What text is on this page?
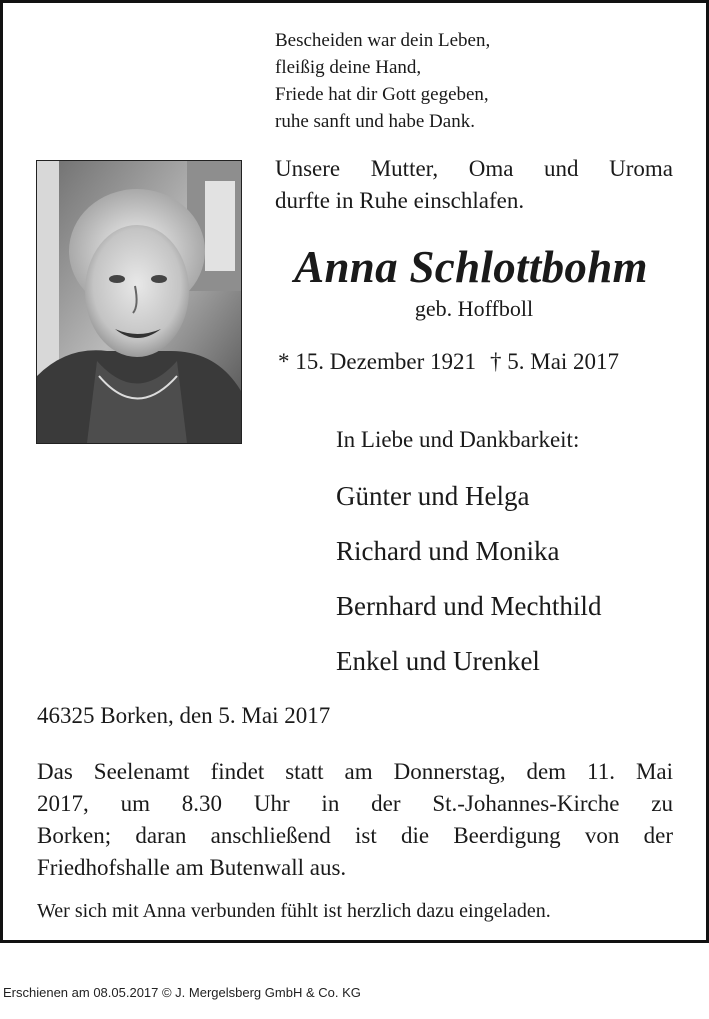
Bescheiden war dein Leben,
fleißig deine Hand,
Friede hat dir Gott gegeben,
ruhe sanft und habe Dank.
Unsere Mutter, Oma und Uroma
durfte in Ruhe einschlafen.
Anna Schlottbohm
geb. Hoffboll
* 15. Dezember 1921 † 5. Mai 2017
In Liebe und Dankbarkeit:
Günter und Helga
Richard und Monika
Bernhard und Mechthild
Enkel und Urenkel
46325 Borken, den 5. Mai 2017
Das Seelenamt findet statt am Donnerstag, dem 11. Mai
2017, um 8.30 Uhr in der St.-Johannes-Kirche zu
Borken; daran anschließend ist die Beerdigung von der
Friedhofshalle am Butenwall aus.
Wer sich mit Anna verbunden fühlt ist herzlich dazu eingeladen.
Erschienen am 08.05.2017 © J. Mergelsberg GmbH & Co. KG
